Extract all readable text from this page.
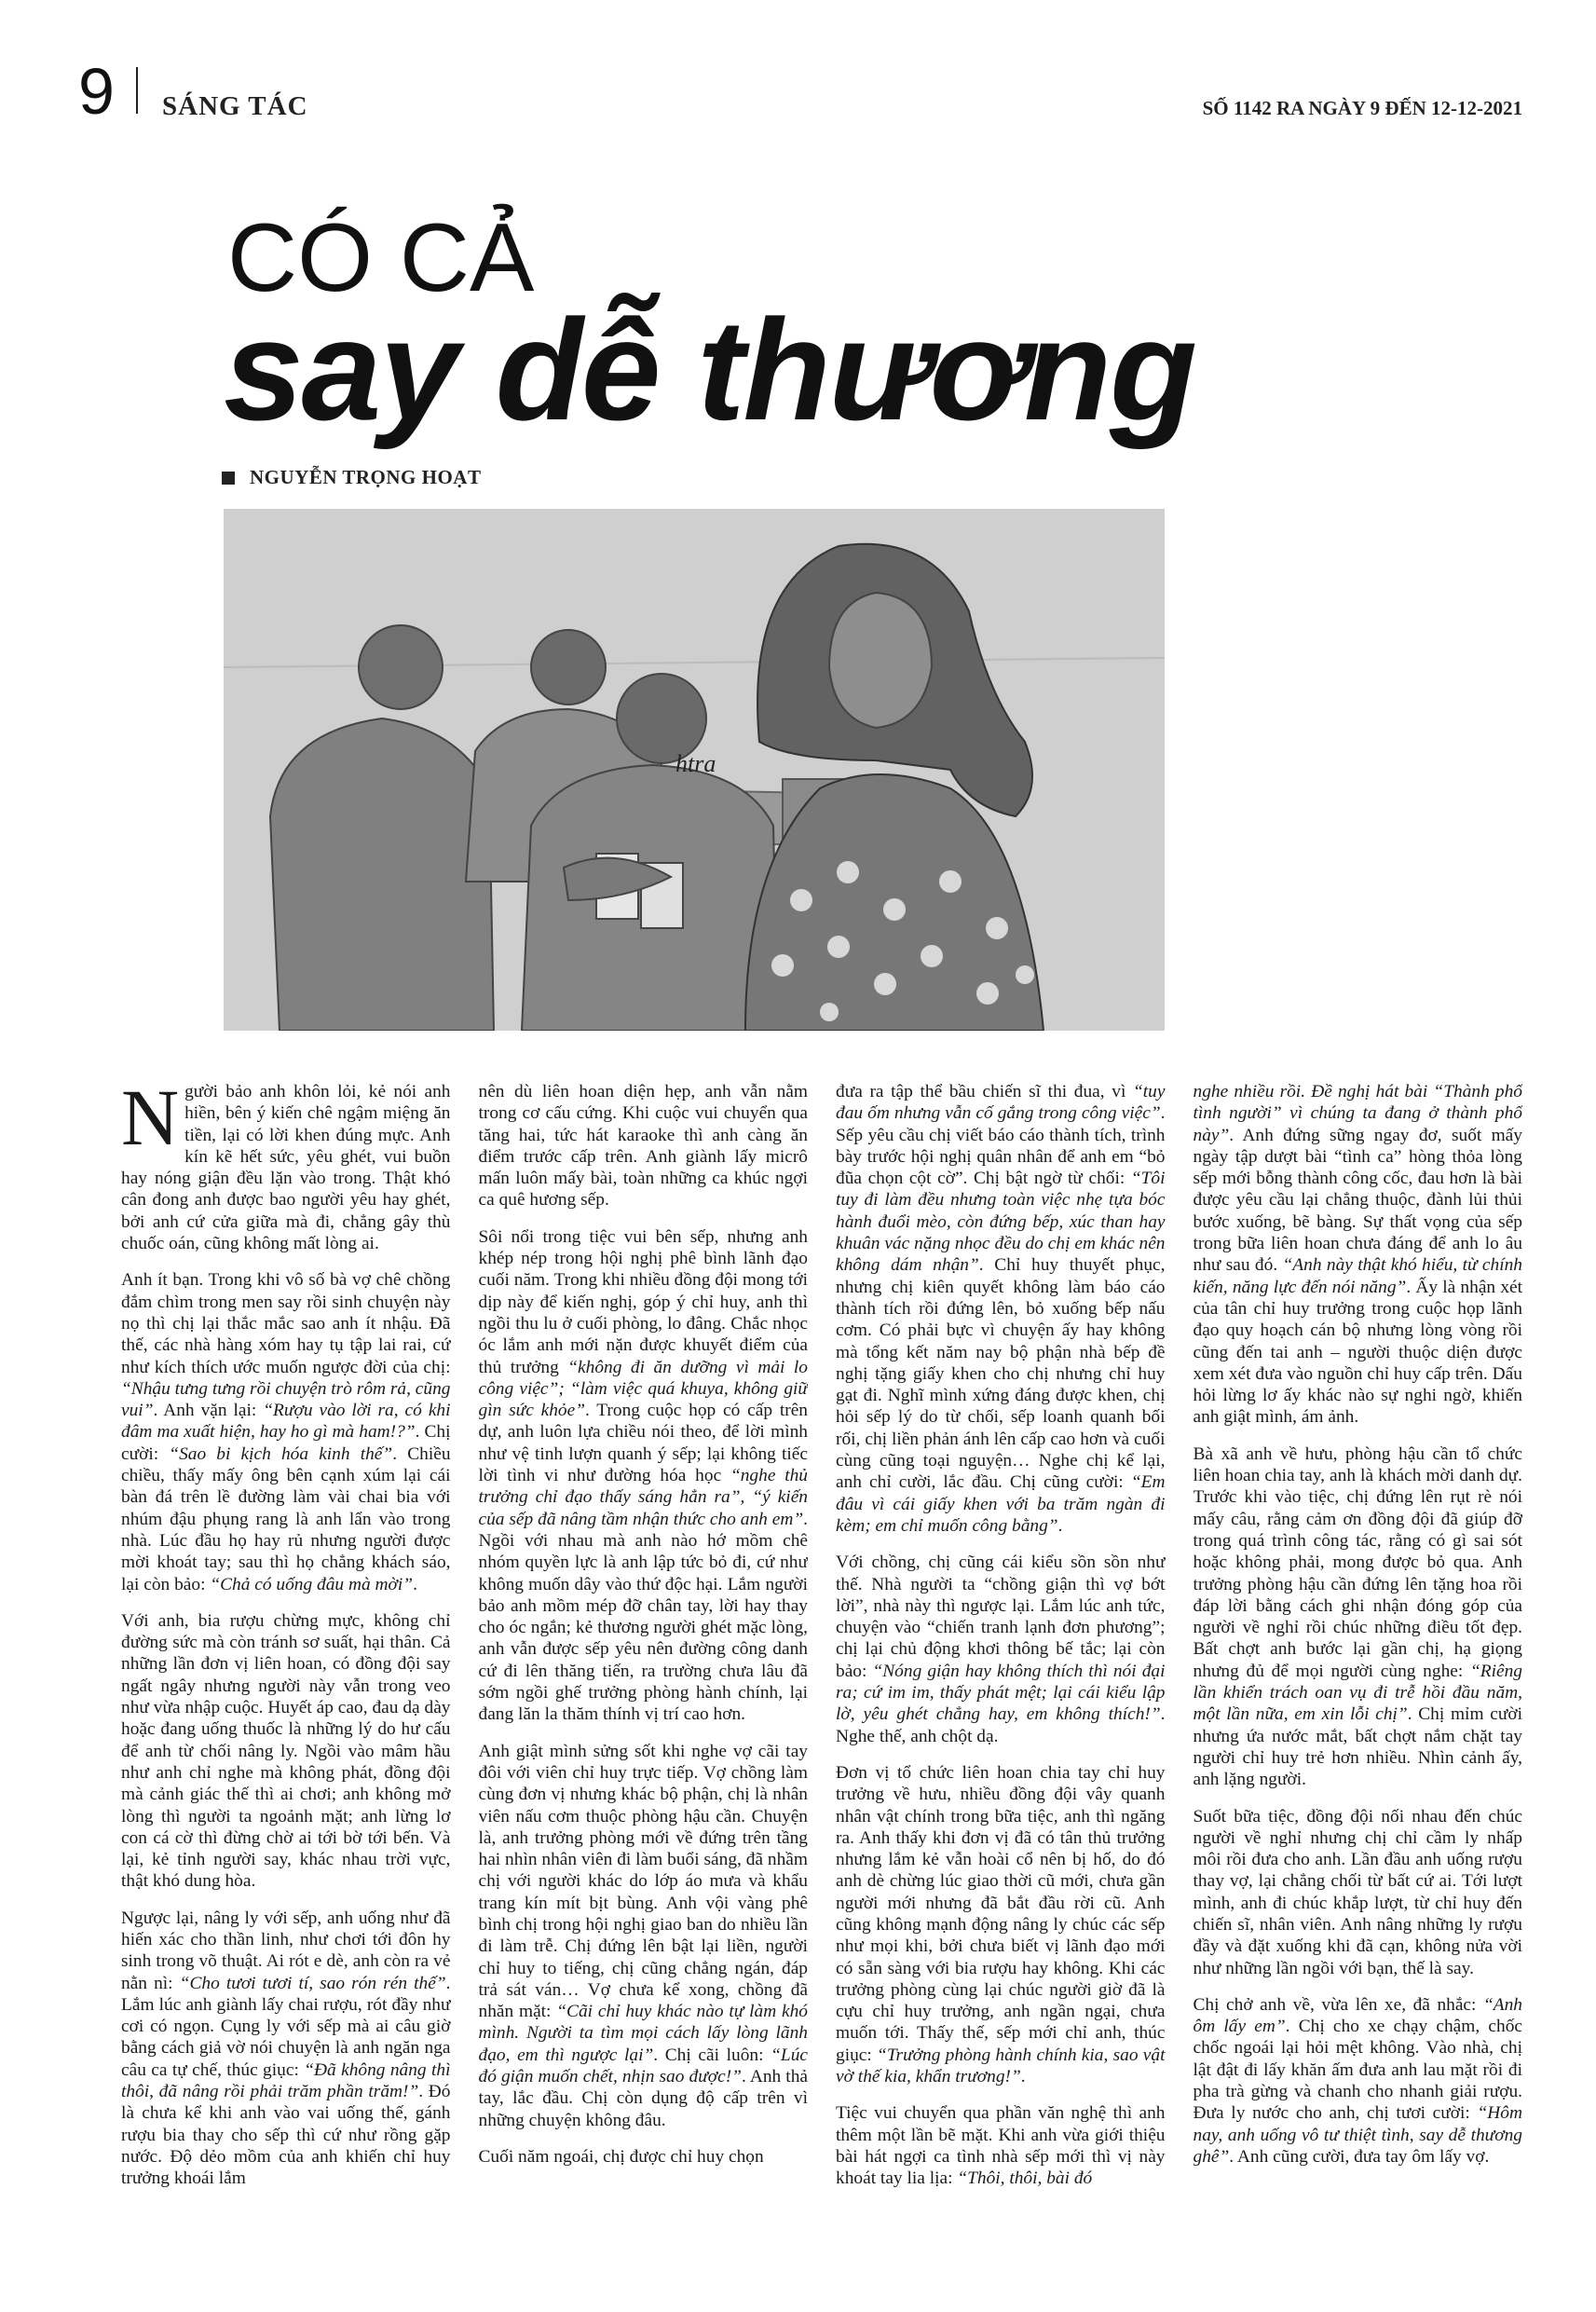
9 SÁNG TÁC	SỐ 1142 RA NGÀY 9 ĐẾN 12-12-2021
CÓ CẢ
say dễ thương
NGUYỄN TRỌNG HOẠT
htra

Người bảo anh khôn lỏi, kẻ nói anh hiền, bên ý kiến chê ngậm miệng ăn tiền, lại có lời khen đúng mực. Anh kín kẽ hết sức, yêu ghét, vui buồn hay nóng giận đều lặn vào trong. Thật khó cân đong anh được bao người yêu hay ghét, bởi anh cứ cửa giữa mà đi, chẳng gây thù chuốc oán, cũng không mất lòng ai.

Anh ít bạn. Trong khi vô số bà vợ chê chồng đắm chìm trong men say rồi sinh chuyện này nọ thì chị lại thắc mắc sao anh ít nhậu. Đã thế, các nhà hàng xóm hay tụ tập lai rai, cứ như kích thích ước muốn ngược đời của chị: “Nhậu tưng tưng rồi chuyện trò rôm rả, cũng vui”. Anh vặn lại: “Rượu vào lời ra, có khi đâm ma xuất hiện, hay ho gì mà ham!?”. Chị cười: “Sao bi kịch hóa kinh thế”. Chiều chiều, thấy mấy ông bên cạnh xúm lại cái bàn đá trên lề đường làm vài chai bia với nhúm đậu phụng rang là anh lẩn vào trong nhà. Lúc đầu họ hay rủ nhưng người được mời khoát tay; sau thì họ chẳng khách sáo, lại còn bảo: “Chả có uống đâu mà mời”.

Với anh, bia rượu chừng mực, không chỉ đường sức mà còn tránh sơ suất, hại thân. Cả những lần đơn vị liên hoan, có đồng đội say ngất ngây nhưng người này vẫn trong veo như vừa nhập cuộc. Huyết áp cao, đau dạ dày hoặc đang uống thuốc là những lý do hư cấu để anh từ chối nâng ly. Ngồi vào mâm hầu như anh chỉ nghe mà không phát, đồng đội mà cảnh giác thế thì ai chơi; anh không mở lòng thì người ta ngoảnh mặt; anh lừng lơ con cá cờ thì đừng chờ ai tới bờ tới bến. Và lại, kẻ tỉnh người say, khác nhau trời vực, thật khó dung hòa.

Ngược lại, nâng ly với sếp, anh uống như đã hiến xác cho thần linh, như chơi tới đôn hy sinh trong võ thuật. Ai rót e dè, anh còn ra vẻ nằn nì: “Cho tươi tươi tí, sao rón rén thế”. Lắm lúc anh giành lấy chai rượu, rót đầy như cơi có ngọn. Cụng ly với sếp mà ai câu giờ bằng cách giả vờ nói chuyện là anh ngăn nga câu ca tự chế, thúc giục: “Đã không nâng thì thôi, đã nâng rồi phải trăm phần trăm!”. Đó là chưa kể khi anh vào vai uống thế, gánh rượu bia thay cho sếp thì cứ như rồng gặp nước. Độ dẻo mồm của anh khiến chỉ huy trưởng khoái lắm

nên dù liên hoan diện hẹp, anh vẫn nằm trong cơ cấu cứng. Khi cuộc vui chuyển qua tăng hai, tức hát karaoke thì anh càng ăn điểm trước cấp trên. Anh giành lấy micrô mấn luôn mấy bài, toàn những ca khúc ngợi ca quê hương sếp.

Sôi nổi trong tiệc vui bên sếp, nhưng anh khép nép trong hội nghị phê bình lãnh đạo cuối năm. Trong khi nhiều đồng đội mong tới dịp này để kiến nghị, góp ý chỉ huy, anh thì ngồi thu lu ở cuối phòng, lo đâng. Chắc nhọc óc lắm anh mới nặn được khuyết điểm của thủ trưởng “không đi ăn dưỡng vì mải lo công việc”; “làm việc quá khuya, không giữ gìn sức khỏe”. Trong cuộc họp có cấp trên dự, anh luôn lựa chiều nói theo, để lời mình như vệ tinh lượn quanh ý sếp; lại không tiếc lời tình vi như đường hóa học “nghe thủ trưởng chỉ đạo thấy sáng hẳn ra”, “ý kiến của sếp đã nâng tầm nhận thức cho anh em”. Ngồi với nhau mà anh nào hớ mồm chê nhóm quyền lực là anh lập tức bỏ đi, cứ như không muốn dây vào thứ độc hại. Lắm người bảo anh mồm mép đỡ chân tay, lời hay thay cho óc ngắn; kẻ thương người ghét mặc lòng, anh vẫn được sếp yêu nên đường công danh cứ đi lên thăng tiến, ra trường chưa lâu đã sớm ngồi ghế trưởng phòng hành chính, lại đang lăn la thăm thính vị trí cao hơn.

Anh giật mình sửng sốt khi nghe vợ cãi tay đôi với viên chỉ huy trực tiếp. Vợ chồng làm cùng đơn vị nhưng khác bộ phận, chị là nhân viên nấu cơm thuộc phòng hậu cần. Chuyện là, anh trưởng phòng mới về đứng trên tầng hai nhìn nhân viên đi làm buổi sáng, đã nhầm chị với người khác do lớp áo mưa và khẩu trang kín mít bịt bùng. Anh vội vàng phê bình chị trong hội nghị giao ban do nhiều lần đi làm trễ. Chị đứng lên bật lại liền, người chỉ huy to tiếng, chị cũng chẳng ngán, đáp trả sát ván… Vợ chưa kể xong, chồng đã nhăn mặt: “Cãi chỉ huy khác nào tự làm khó mình. Người ta tìm mọi cách lấy lòng lãnh đạo, em thì ngược lại”. Chị cãi luôn: “Lúc đó giận muốn chết, nhịn sao được!”. Anh thả tay, lắc đầu. Chị còn dụng độ cấp trên vì những chuyện không đâu.

Cuối năm ngoái, chị được chỉ huy chọn

đưa ra tập thể bầu chiến sĩ thi đua, vì “tuy đau ốm nhưng vẫn cố gắng trong công việc”. Sếp yêu cầu chị viết báo cáo thành tích, trình bày trước hội nghị quân nhân để anh em “bỏ đũa chọn cột cờ”. Chị bật ngờ từ chối: “Tôi tuy đi làm đều nhưng toàn việc nhẹ tựa bóc hành đuổi mèo, còn đứng bếp, xúc than hay khuân vác nặng nhọc đều do chị em khác nên không dám nhận”. Chỉ huy thuyết phục, nhưng chị kiên quyết không làm báo cáo thành tích rồi đứng lên, bỏ xuống bếp nấu cơm. Có phải bực vì chuyện ấy hay không mà tổng kết năm nay bộ phận nhà bếp đề nghị tặng giấy khen cho chị nhưng chỉ huy gạt đi. Nghĩ mình xứng đáng được khen, chị hỏi sếp lý do từ chối, sếp loanh quanh bối rối, chị liền phản ánh lên cấp cao hơn và cuối cùng cũng toại nguyện… Nghe chị kể lại, anh chỉ cười, lắc đầu. Chị cũng cười: “Em đâu vì cái giấy khen với ba trăm ngàn đi kèm; em chỉ muốn công bằng”.

Với chồng, chị cũng cái kiểu sồn sồn như thế. Nhà người ta “chồng giận thì vợ bớt lời”, nhà này thì ngược lại. Lắm lúc anh tức, chuyện vào “chiến tranh lạnh đơn phương”; chị lại chủ động khơi thông bế tắc; lại còn bảo: “Nóng giận hay không thích thì nói đại ra; cứ im im, thấy phát mệt; lại cái kiểu lập lờ, yêu ghét chẳng hay, em không thích!”. Nghe thế, anh chột dạ.

Đơn vị tổ chức liên hoan chia tay chỉ huy trưởng về hưu, nhiều đồng đội vây quanh nhân vật chính trong bữa tiệc, anh thì ngăng ra. Anh thấy khi đơn vị đã có tân thủ trưởng nhưng lắm kẻ vẫn hoài cổ nên bị hố, do đó anh dè chừng lúc giao thời cũ mới, chưa gần người mới nhưng đã bắt đầu rời cũ. Anh cũng không mạnh động nâng ly chúc các sếp như mọi khi, bởi chưa biết vị lãnh đạo mới có sẵn sàng với bia rượu hay không. Khi các trưởng phòng cùng lại chúc người giờ đã là cựu chỉ huy trưởng, anh ngần ngại, chưa muốn tới. Thấy thế, sếp mới chỉ anh, thúc giục: “Trưởng phòng hành chính kia, sao vật vờ thế kia, khẩn trương!”.

Tiệc vui chuyển qua phần văn nghệ thì anh thêm một lần bẽ mặt. Khi anh vừa giới thiệu bài hát ngợi ca tình nhà sếp mới thì vị này khoát tay lia lịa: “Thôi, thôi, bài đó

nghe nhiều rồi. Đề nghị hát bài “Thành phố tình người” vì chúng ta đang ở thành phố này”. Anh đứng sững ngay đơ, suốt mấy ngày tập dượt bài “tình ca” hòng thỏa lòng sếp mới bỗng thành công cốc, đau hơn là bài được yêu cầu lại chẳng thuộc, đành lủi thủi bước xuống, bẽ bàng. Sự thất vọng của sếp trong bữa liên hoan chưa đáng để anh lo âu như sau đó. “Anh này thật khó hiểu, từ chính kiến, năng lực đến nói năng”. Ấy là nhận xét của tân chỉ huy trưởng trong cuộc họp lãnh đạo quy hoạch cán bộ nhưng lòng vòng rồi cũng đến tai anh – người thuộc diện được xem xét đưa vào nguồn chỉ huy cấp trên. Dấu hỏi lừng lơ ấy khác nào sự nghi ngờ, khiến anh giật mình, ám ảnh.

Bà xã anh về hưu, phòng hậu cần tổ chức liên hoan chia tay, anh là khách mời danh dự. Trước khi vào tiệc, chị đứng lên rụt rè nói mấy câu, rằng cảm ơn đồng đội đã giúp đỡ trong quá trình công tác, rằng có gì sai sót hoặc không phải, mong được bỏ qua. Anh trưởng phòng hậu cần đứng lên tặng hoa rồi đáp lời bằng cách ghi nhận đóng góp của người về nghỉ rồi chúc những điều tốt đẹp. Bất chợt anh bước lại gần chị, hạ giọng nhưng đủ để mọi người cùng nghe: “Riêng lần khiển trách oan vụ đi trễ hồi đầu năm, một lần nữa, em xin lỗi chị”. Chị mỉm cười nhưng ứa nước mắt, bất chợt nắm chặt tay người chỉ huy trẻ hơn nhiều. Nhìn cảnh ấy, anh lặng người.

Suốt bữa tiệc, đồng đội nối nhau đến chúc người về nghỉ nhưng chị chỉ cầm ly nhấp môi rồi đưa cho anh. Lần đầu anh uống rượu thay vợ, lại chẳng chối từ bất cứ ai. Tới lượt mình, anh đi chúc khắp lượt, từ chỉ huy đến chiến sĩ, nhân viên. Anh nâng những ly rượu đầy và đặt xuống khi đã cạn, không nửa vời như những lần ngồi với bạn, thế là say.

Chị chở anh về, vừa lên xe, đã nhắc: “Anh ôm lấy em”. Chị cho xe chạy chậm, chốc chốc ngoái lại hỏi mệt không. Vào nhà, chị lật đật đi lấy khăn ấm đưa anh lau mặt rồi đi pha trà gừng và chanh cho nhanh giải rượu. Đưa ly nước cho anh, chị tươi cười: “Hôm nay, anh uống vô tư thiệt tình, say dễ thương ghê”. Anh cũng cười, đưa tay ôm lấy vợ.
